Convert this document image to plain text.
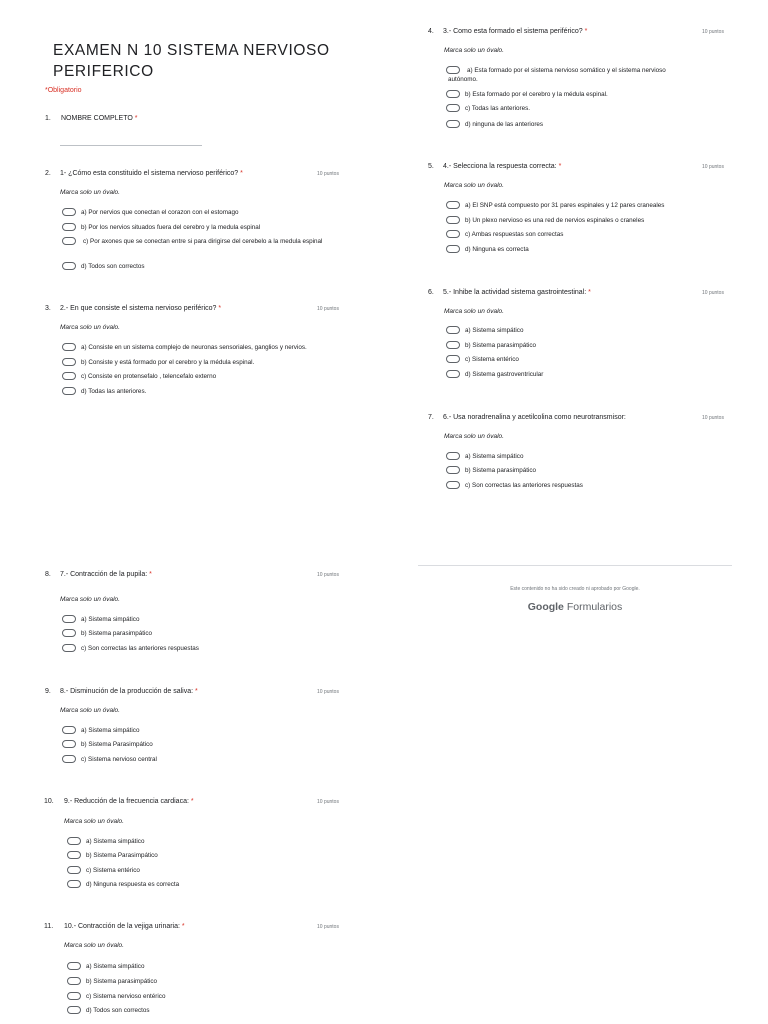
EXAMEN N 10 SISTEMA NERVIOSO PERIFERICO
*Obligatorio
1. NOMBRE COMPLETO *
2. 1- ¿Cómo esta constituido el sistema nervioso periférico? *	10 puntos
Marca solo un óvalo.
a) Por nervios que conectan el corazon con el estomago
b) Por los nervios situados fuera del cerebro y la medula espinal
c) Por axones que se conectan entre si para dirigirse del cerebelo a la medula espinal
d) Todos son correctos
3. 2.- En que consiste el sistema nervioso periférico? *	10 puntos
Marca solo un óvalo.
a) Consiste en un sistema complejo de neuronas sensoriales, ganglios y nervios.
b) Consiste y está formado por el cerebro y la médula espinal.
c) Consiste en protensefalo , telencefalo externo
d) Todas las anteriores.
4. 3.- Como esta formado el sistema periférico? *	10 puntos
Marca solo un óvalo.
a) Esta formado por el sistema nervioso somático y el sistema nervioso autónomo.
b) Esta formado por el cerebro y la médula espinal.
c) Todas las anteriores.
d) ninguna de las anteriores
5. 4.- Selecciona la respuesta correcta: *	10 puntos
Marca solo un óvalo.
a) El SNP está compuesto por 31 pares espinales y 12 pares craneales
b) Un plexo nervioso es una red de nervios espinales o craneles
c) Ambas respuestas son correctas
d) Ninguna es correcta
6. 5.- Inhibe la actividad sistema gastrointestinal: *	10 puntos
Marca solo un óvalo.
a) Sistema simpático
b) Sistema parasimpático
c) Sistema entérico
d) Sistema gastroventricular
7. 6.- Usa noradrenalina y acetilcolina como neurotransmisor:	10 puntos
Marca solo un óvalo.
a) Sistema simpático
b) Sistema parasimpático
c) Son correctas las anteriores respuestas
8. 7.- Contracción de la pupila: *	10 puntos
Marca solo un óvalo.
a) Sistema simpático
b) Sistema parasimpático
c) Son correctas las anteriores respuestas
9. 8.- Disminución de la producción de saliva: *	10 puntos
Marca solo un óvalo.
a) Sistema simpático
b) Sistema Parasimpático
c) Sistema nervioso central
10. 9.- Reducción de la frecuencia cardiaca: *	10 puntos
Marca solo un óvalo.
a) Sistema simpático
b) Sistema Parasimpático
c) Sistema entérico
d) Ninguna respuesta es correcta
11. 10.- Contracción de la vejiga urinaria: *	10 puntos
Marca solo un óvalo.
a) Sistema simpático
b) Sistema parasimpático
c) Sistema nervioso entérico
d) Todos son correctos
Este contenido no ha sido creado ni aprobado por Google.
Google Formularios
